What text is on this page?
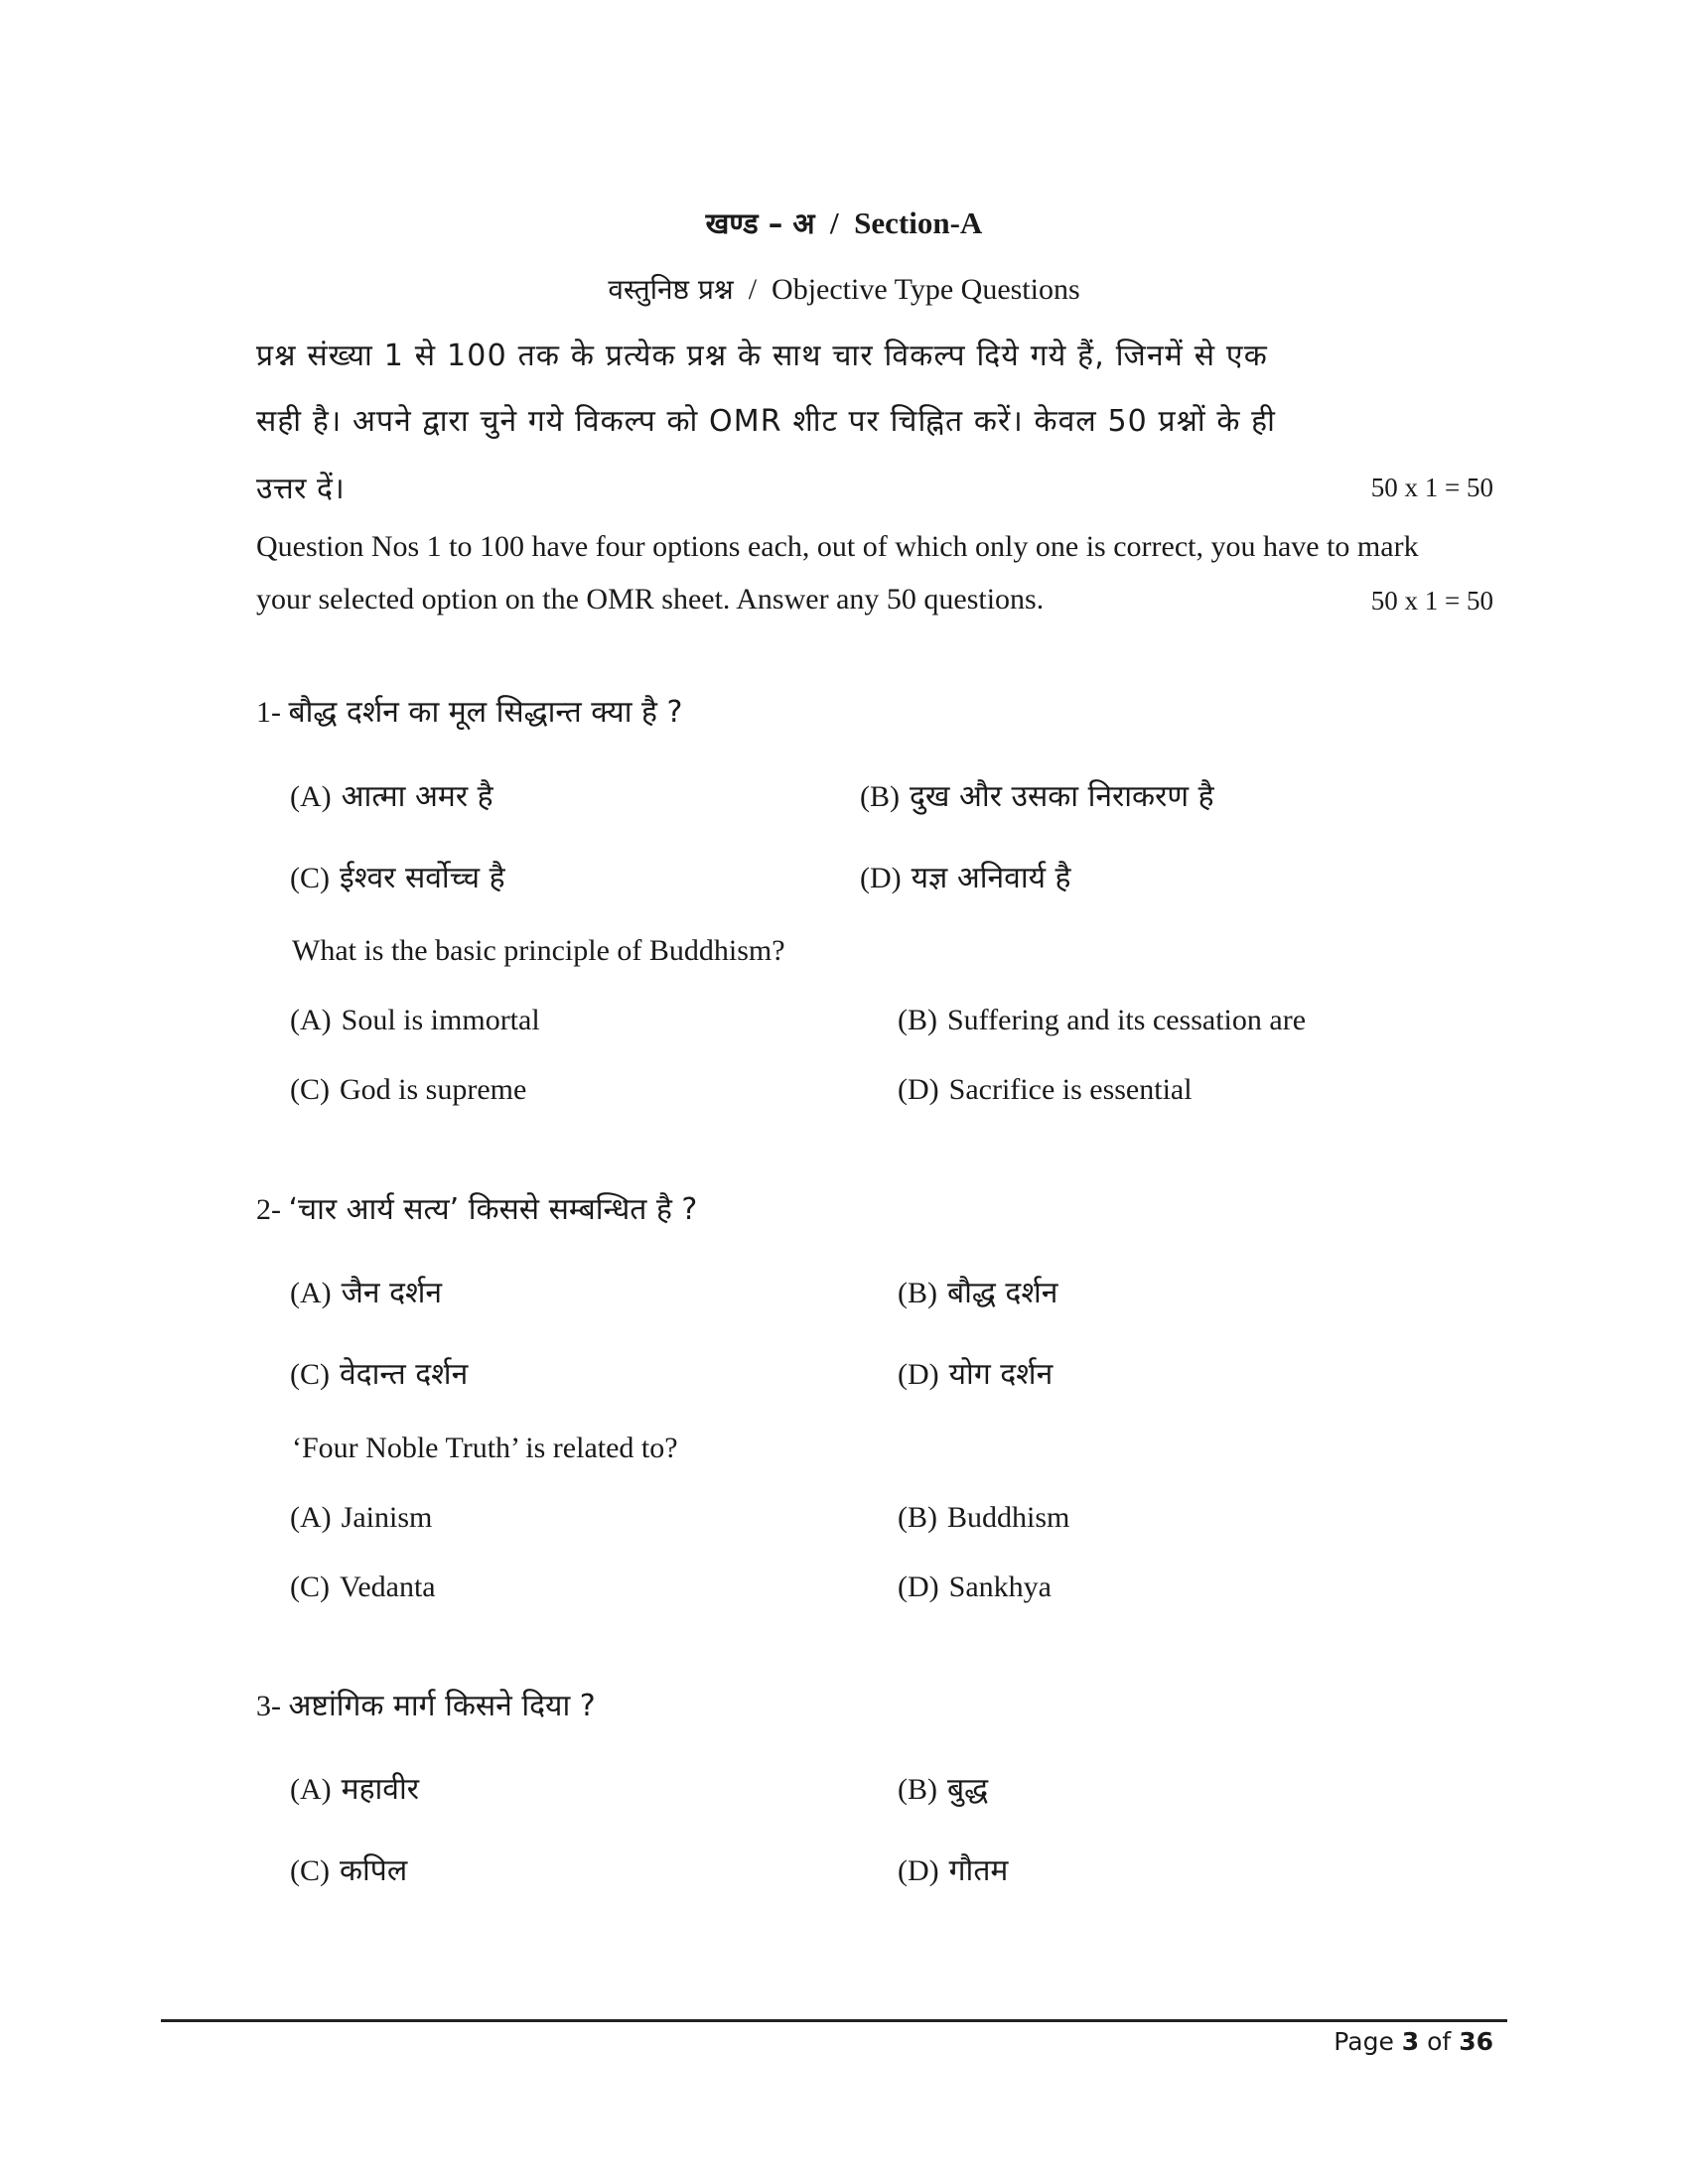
खण्ड – अ / Section-A
वस्तुनिष्ठ प्रश्न / Objective Type Questions
प्रश्न संख्या 1 से 100 तक के प्रत्येक प्रश्न के साथ चार विकल्प दिये गये हैं, जिनमें से एक
सही है। अपने द्वारा चुने गये विकल्प को OMR शीट पर चिह्नित करें। केवल 50 प्रश्नों के ही
उत्तर दें।	50 x 1 = 50
Question Nos 1 to 100 have four options each, out of which only one is correct, you have to mark
your selected option on the OMR sheet. Answer any 50 questions.	50 x 1 = 50
1- बौद्ध दर्शन का मूल सिद्धान्त क्या है ?
(A) आत्मा अमर है	(B) दुख और उसका निराकरण है
(C) ईश्वर सर्वोच्च है	(D) यज्ञ अनिवार्य है
What is the basic principle of Buddhism?
(A) Soul is immortal	(B) Suffering and its cessation are
(C) God is supreme	(D) Sacrifice is essential
2- ‘चार आर्य सत्य’ किससे सम्बन्धित है ?
(A) जैन दर्शन	(B) बौद्ध दर्शन
(C) वेदान्त दर्शन	(D) योग दर्शन
‘Four Noble Truth’ is related to?
(A) Jainism	(B) Buddhism
(C) Vedanta	(D) Sankhya
3- अष्टांगिक मार्ग किसने दिया ?
(A) महावीर	(B) बुद्ध
(C) कपिल	(D) गौतम
Page 3 of 36
